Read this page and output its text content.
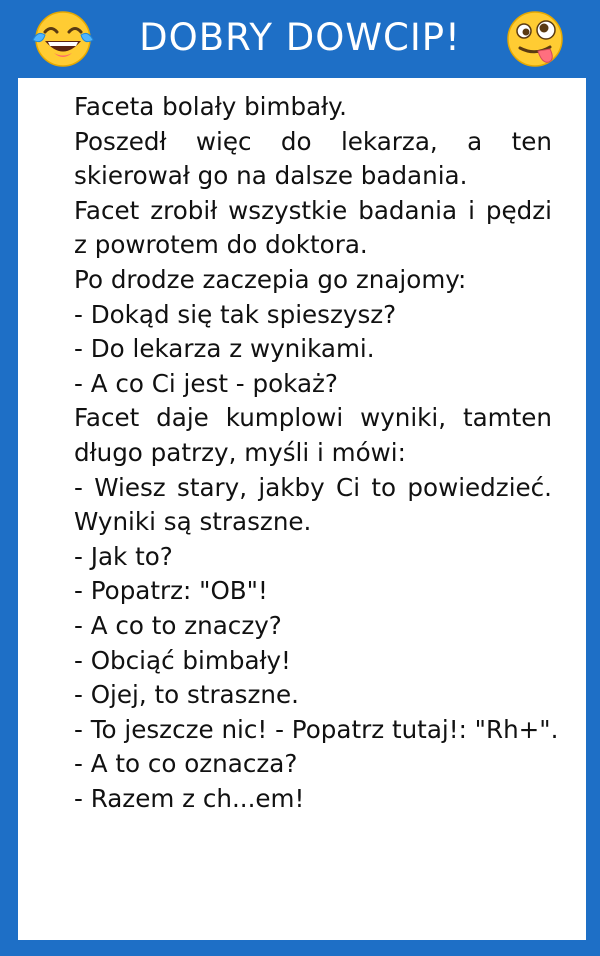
DOBRY DOWCIP!
Faceta bolały bimbały.
Poszedł więc do lekarza, a ten
skierował go na dalsze badania.
Facet zrobił wszystkie badania i pędzi
z powrotem do doktora.
Po drodze zaczepia go znajomy:
- Dokąd się tak spieszysz?
- Do lekarza z wynikami.
- A co Ci jest - pokaż?
Facet daje kumplowi wyniki, tamten
długo patrzy, myśli i mówi:
- Wiesz stary, jakby Ci to powiedzieć.
Wyniki są straszne.
- Jak to?
- Popatrz: "OB"!
- A co to znaczy?
- Obciąć bimbały!
- Ojej, to straszne.
- To jeszcze nic! - Popatrz tutaj!: "Rh+".
- A to co oznacza?
- Razem z ch...em!
